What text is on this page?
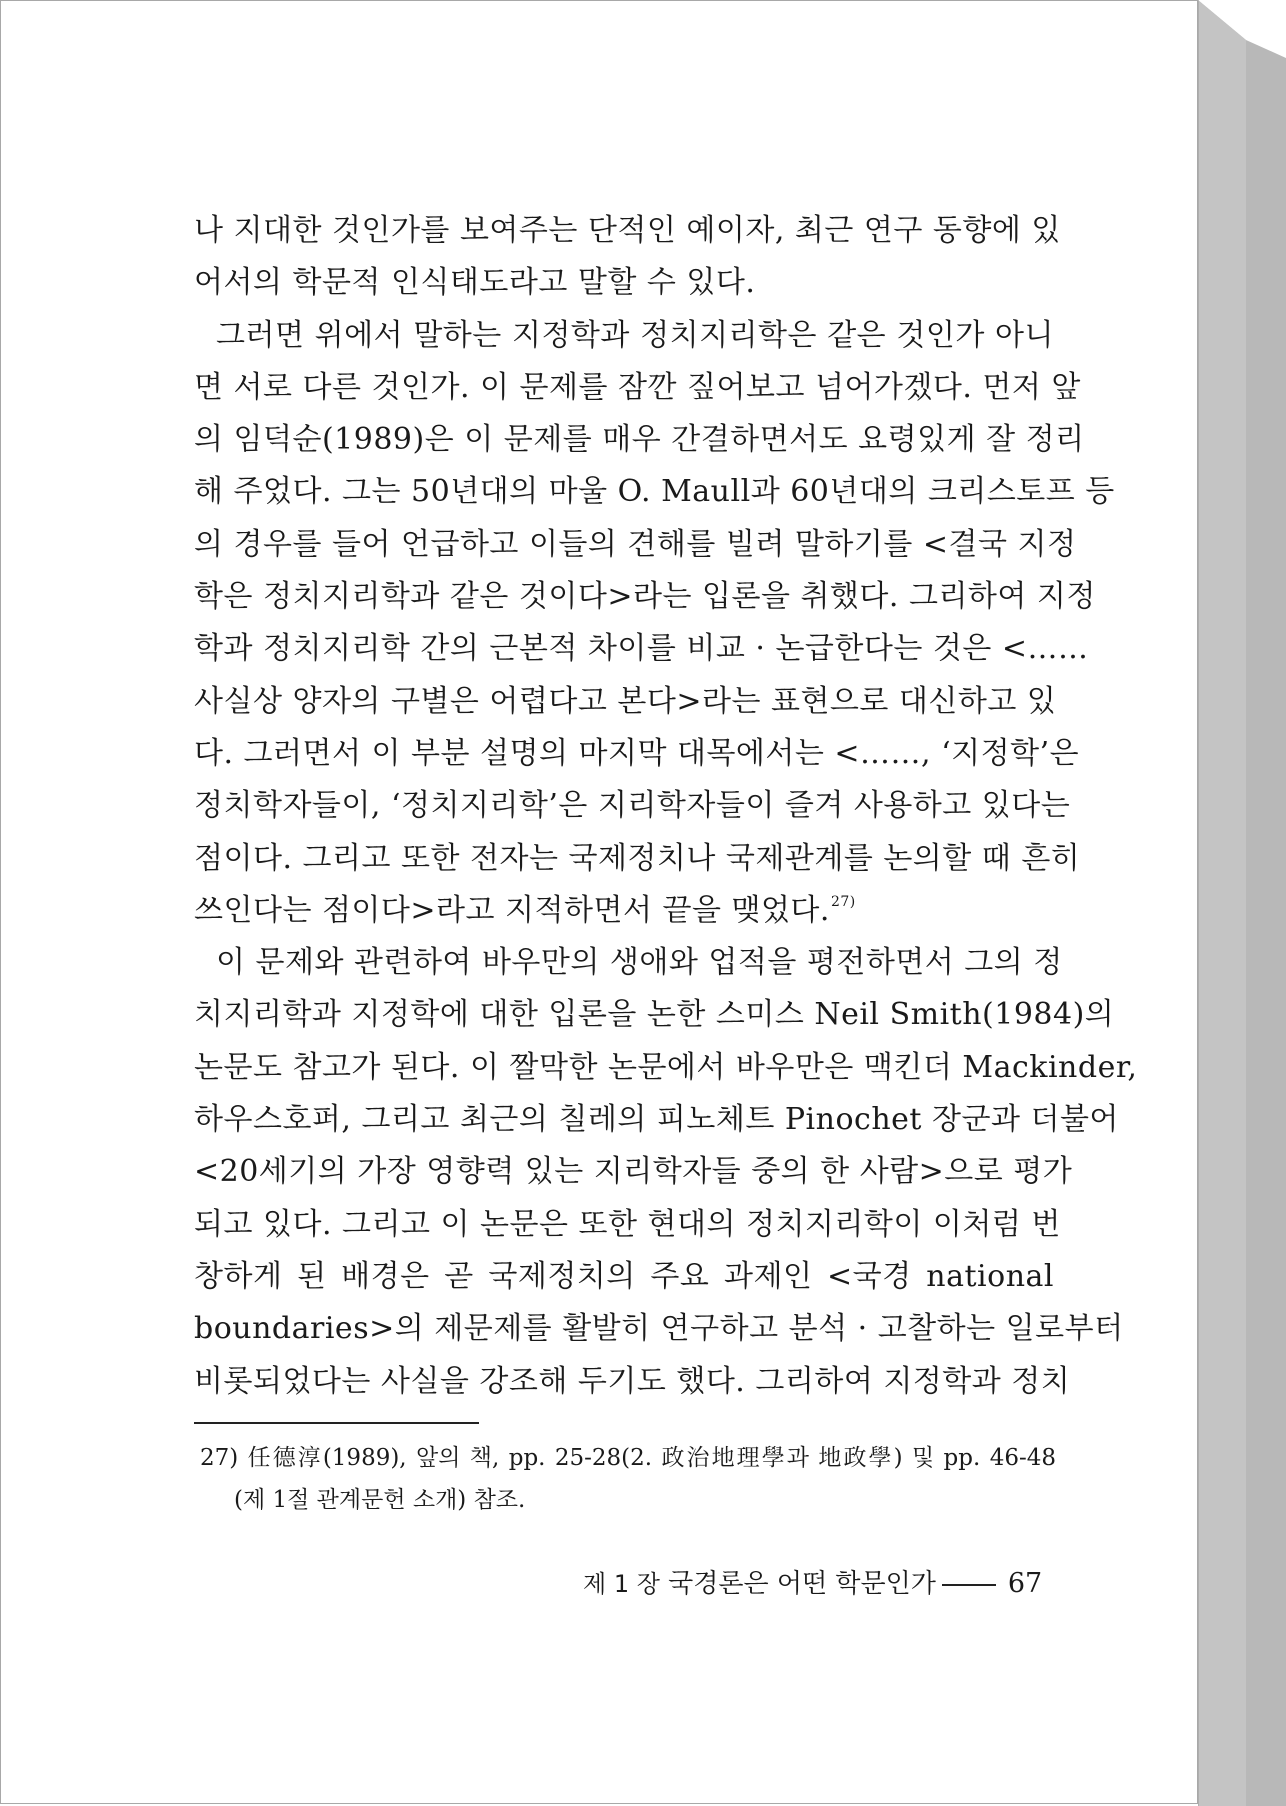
나 지대한 것인가를 보여주는 단적인 예이자, 최근 연구 동향에 있
어서의 학문적 인식태도라고 말할 수 있다.
그러면 위에서 말하는 지정학과 정치지리학은 같은 것인가 아니
면 서로 다른 것인가. 이 문제를 잠깐 짚어보고 넘어가겠다. 먼저 앞
의 임덕순(1989)은 이 문제를 매우 간결하면서도 요령있게 잘 정리
해 주었다. 그는 50년대의 마울 O. Maull과 60년대의 크리스토프 등
의 경우를 들어 언급하고 이들의 견해를 빌려 말하기를 <결국 지정
학은 정치지리학과 같은 것이다>라는 입론을 취했다. 그리하여 지정
학과 정치지리학 간의 근본적 차이를 비교 · 논급한다는 것은 <……
사실상 양자의 구별은 어렵다고 본다>라는 표현으로 대신하고 있
다. 그러면서 이 부분 설명의 마지막 대목에서는 <……, ‘지정학’은
정치학자들이, ‘정치지리학’은 지리학자들이 즐겨 사용하고 있다는
점이다. 그리고 또한 전자는 국제정치나 국제관계를 논의할 때 흔히
쓰인다는 점이다>라고 지적하면서 끝을 맺었다.$^{27)}$
이 문제와 관련하여 바우만의 생애와 업적을 평전하면서 그의 정
치지리학과 지정학에 대한 입론을 논한 스미스 Neil Smith(1984)의
논문도 참고가 된다. 이 짤막한 논문에서 바우만은 맥킨더 Mackinder,
하우스호퍼, 그리고 최근의 칠레의 피노체트 Pinochet 장군과 더불어
<20세기의 가장 영향력 있는 지리학자들 중의 한 사람>으로 평가
되고 있다. 그리고 이 논문은 또한 현대의 정치지리학이 이처럼 번
창하게 된 배경은 곧 국제정치의 주요 과제인 <국경 national
boundaries>의 제문제를 활발히 연구하고 분석 · 고찰하는 일로부터
비롯되었다는 사실을 강조해 두기도 했다. 그리하여 지정학과 정치
27) 任德淳(1989), 앞의 책, pp. 25-28(2. 政治地理學과 地政學) 및 pp. 46-48
(제 1절 관계문헌 소개) 참조.
제 1 장 국경론은 어떤 학문인가	67
